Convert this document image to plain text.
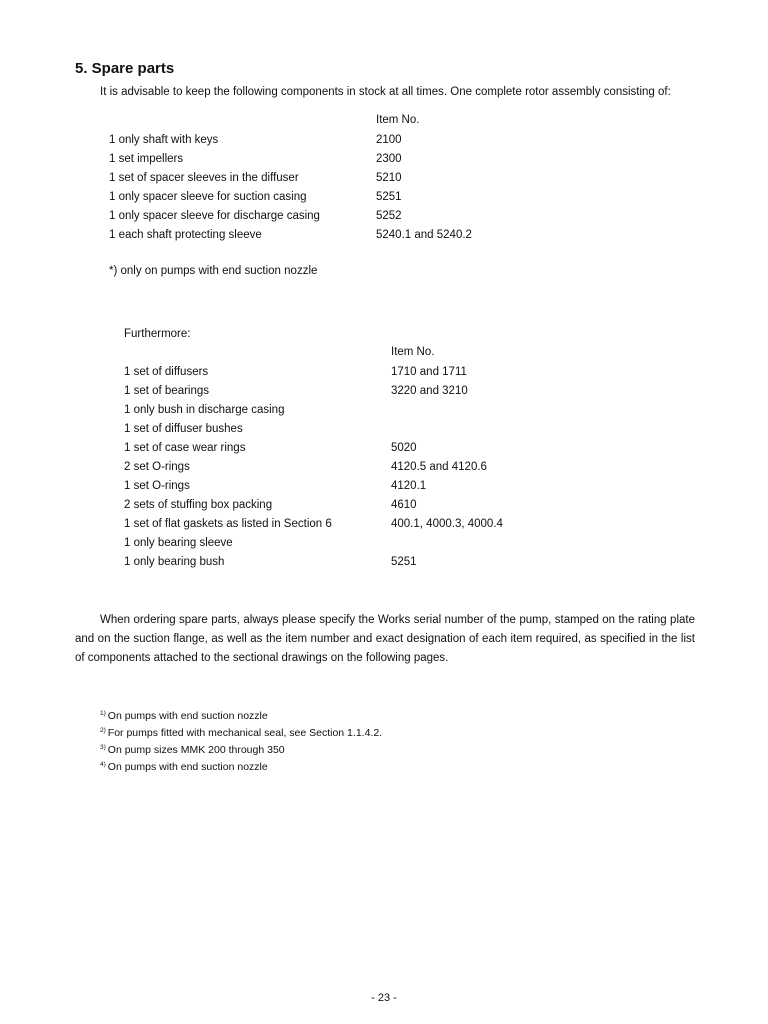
5. Spare parts
It is advisable to keep the following components in stock at all times. One complete rotor assembly consisting of:
Item No.
1 only shaft with keys	2100
1 set impellers	2300
1 set of spacer sleeves in the diffuser	5210
1 only spacer sleeve for suction casing	5251
1 only spacer sleeve for discharge casing	5252
1 each shaft protecting sleeve	5240.1 and 5240.2
*) only on pumps with end suction nozzle
Furthermore:
Item No.
1 set of diffusers	1710 and 1711
1 set of bearings	3220 and 3210
1 only bush in discharge casing
1 set of diffuser bushes
1 set of case wear rings	5020
2 set O-rings	4120.5 and 4120.6
1 set O-rings	4120.1
2 sets of stuffing box packing	4610
1 set of flat gaskets as listed in Section 6	400.1, 4000.3, 4000.4
1 only bearing sleeve
1 only bearing bush	5251
When ordering spare parts, always please specify the Works serial number of the pump, stamped on the rating plate and on the suction flange, as well as the item number and exact designation of each item required, as specified in the list of components attached to the sectional drawings on the following pages.
$^{1)}$ On pumps with end suction nozzle
$^{2)}$ For pumps fitted with mechanical seal, see Section 1.1.4.2.
$^{3)}$ On pump sizes MMK 200 through 350
$^{4)}$ On pumps with end suction nozzle
- 23 -
